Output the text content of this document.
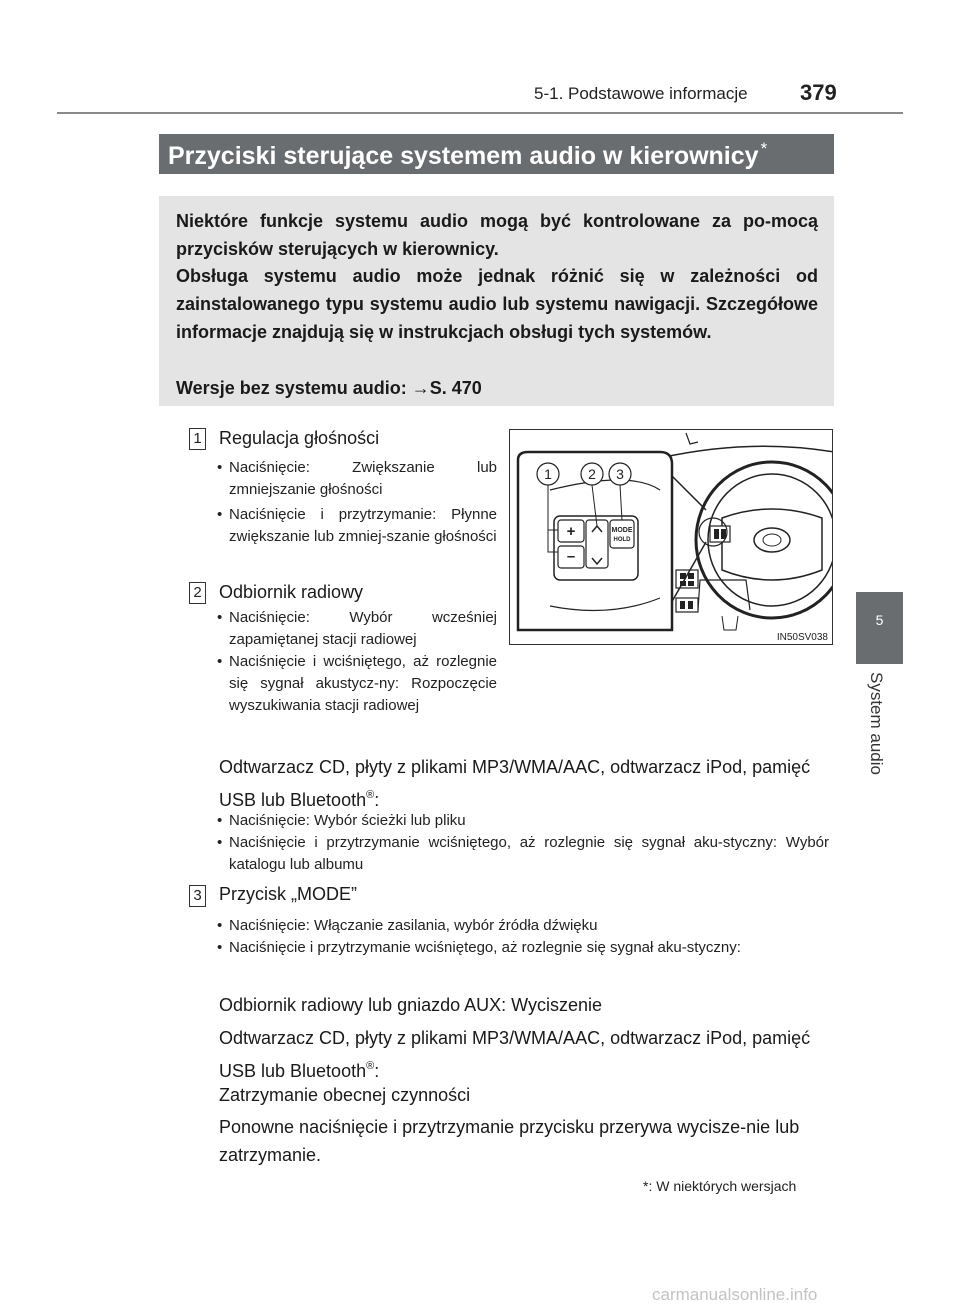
5-1. Podstawowe informacje 379
Przyciski sterujące systemem audio w kierownicy *
Niektóre funkcje systemu audio mogą być kontrolowane za po-mocą przycisków sterujących w kierownicy.
Obsługa systemu audio może jednak różnić się w zależności od zainstalowanego typu systemu audio lub systemu nawigacji. Szczegółowe informacje znajdują się w instrukcjach obsługi tych systemów.
Wersje bez systemu audio: →S. 470
1 Regulacja głośności
• Naciśnięcie: Zwiększanie lub zmniejszanie głośności
• Naciśnięcie i przytrzymanie: Płynne zwiększanie lub zmniej-szanie głośności
2 Odbiornik radiowy
• Naciśnięcie: Wybór wcześniej zapamiętanej stacji radiowej
• Naciśnięcie i wciśniętego, aż rozlegnie się sygnał akustycz-ny: Rozpoczęcie wyszukiwania stacji radiowej
Odtwarzacz CD, płyty z plikami MP3/WMA/AAC, odtwarzacz iPod, pamięć USB lub Bluetooth®:
• Naciśnięcie: Wybór ścieżki lub pliku
• Naciśnięcie i przytrzymanie wciśniętego, aż rozlegnie się sygnał aku-styczny: Wybór katalogu lub albumu
3 Przycisk „MODE”
• Naciśnięcie: Włączanie zasilania, wybór źródła dźwięku
• Naciśnięcie i przytrzymanie wciśniętego, aż rozlegnie się sygnał aku-styczny:
Odbiornik radiowy lub gniazdo AUX: Wyciszenie
Odtwarzacz CD, płyty z plikami MP3/WMA/AAC, odtwarzacz iPod, pamięć USB lub Bluetooth®:
Zatrzymanie obecnej czynności
Ponowne naciśnięcie i przytrzymanie przycisku przerywa wycisze-nie lub zatrzymanie.
+
–
MODE
HOLD
1	2 3
IN50SV038
*: W niektórych wersjach
5
System audio
carmanualsonline.info
